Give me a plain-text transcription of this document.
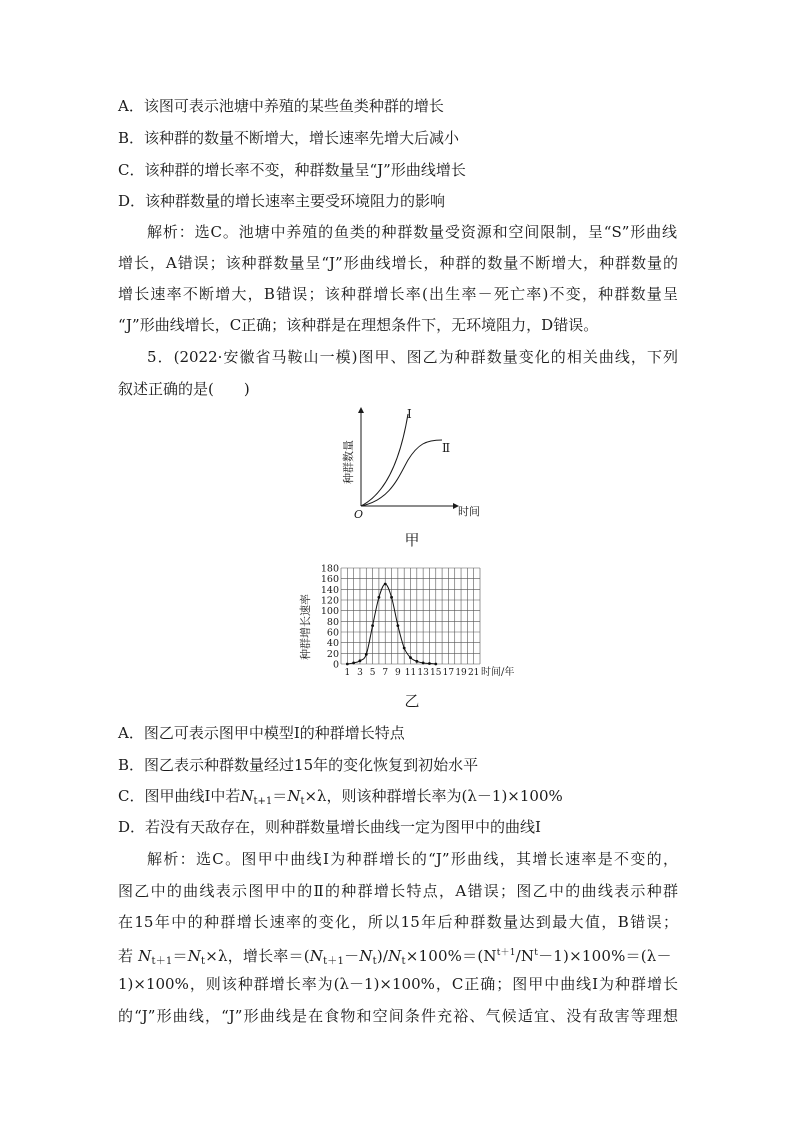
A．该图可表示池塘中养殖的某些鱼类种群的增长
B．该种群的数量不断增大，增长速率先增大后减小
C．该种群的增长率不变，种群数量呈“J”形曲线增长
D．该种群数量的增长速率主要受环境阻力的影响
解析：选C。池塘中养殖的鱼类的种群数量受资源和空间限制，呈“S”形曲线
增长，A错误；该种群数量呈“J”形曲线增长，种群的数量不断增大，种群数量的
增长速率不断增大，B错误；该种群增长率(出生率－死亡率)不变，种群数量呈
“J”形曲线增长，C正确；该种群是在理想条件下，无环境阻力，D错误。
5．(2022·安徽省马鞍山一模)图甲、图乙为种群数量变化的相关曲线，下列
叙述正确的是(　　)
Ⅰ
Ⅱ
O	时间
种群数量
甲
种群增长速率
0
20
40
60
80
100
120
140
160
180
1 3 5 7 9 11 13 15 17 19 21 时间/年
乙
A．图乙可表示图甲中模型Ⅰ的种群增长特点
B．图乙表示种群数量经过15年的变化恢复到初始水平
C．图甲曲线Ⅰ中若$N_{t+1}=N_t\times\lambda$，则该种群增长率为(λ－1)×100%
D．若没有天敌存在，则种群数量增长曲线一定为图甲中的曲线Ⅰ
解析：选C。图甲中曲线Ⅰ为种群增长的“J”形曲线，其增长速率是不变的，
图乙中的曲线表示图甲中的Ⅱ的种群增长特点，A错误；图乙中的曲线表示种群
在15年中的种群增长速率的变化，所以15年后种群数量达到最大值，B错误；
若 $N_{t+1}=N_t\times\lambda$，增长率$=(N_{t+1}-N_t)/N_t\times 100\%=(N^{t+1}/N^t-1)\times 100\%=(\lambda-$
1)×100%，则该种群增长率为(λ－1)×100%，C正确；图甲中曲线Ⅰ为种群增长
的“J”形曲线，“J”形曲线是在食物和空间条件充裕、气候适宜、没有敌害等理想
